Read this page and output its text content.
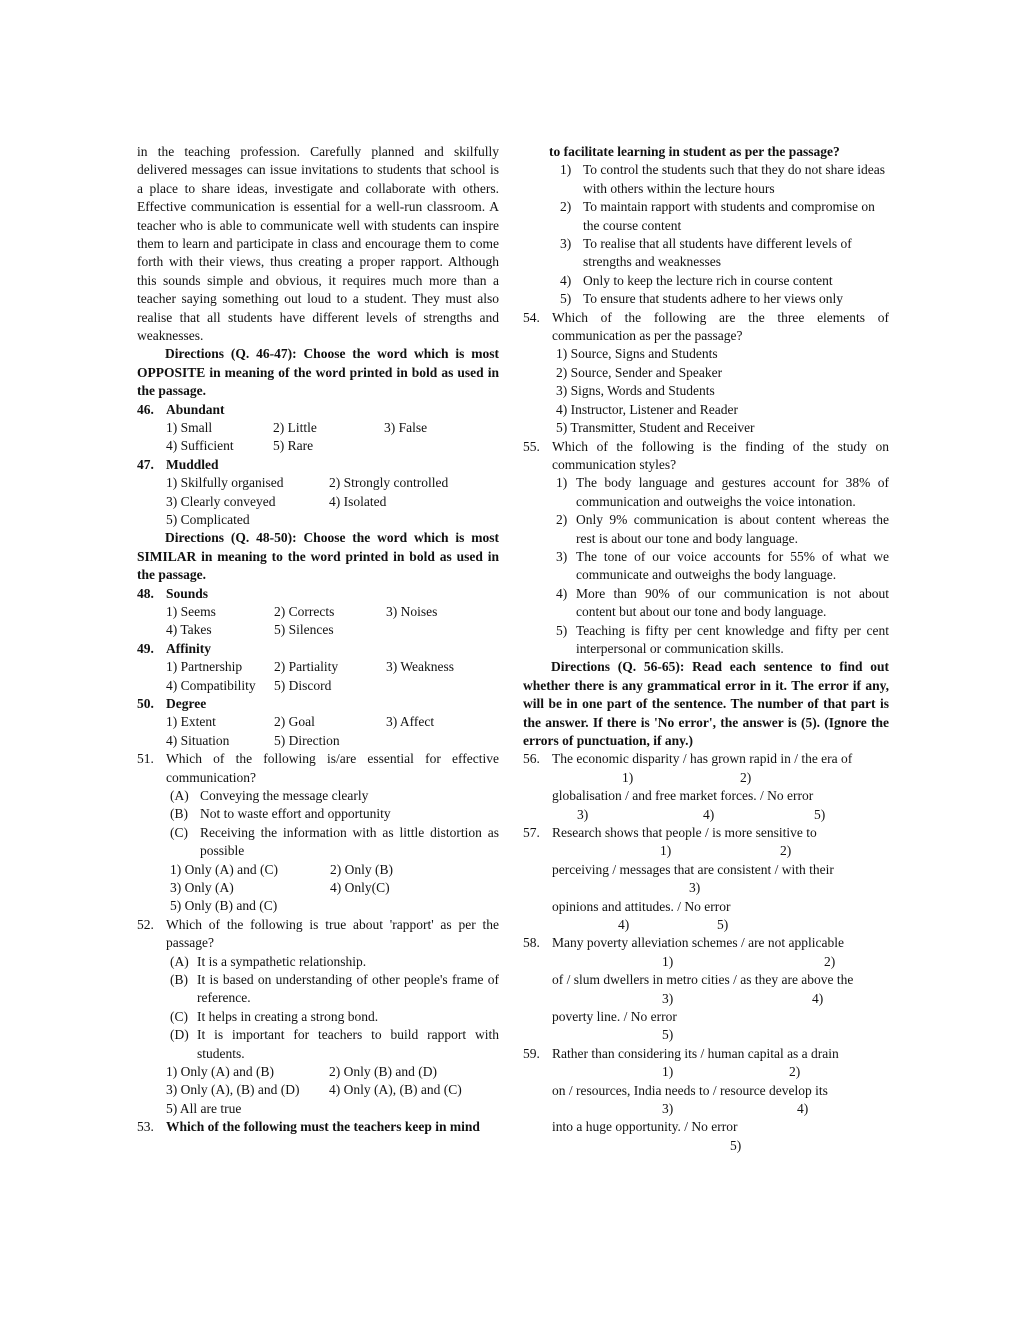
in the teaching profession. Carefully planned and skilfully delivered messages can issue invitations to students that school is a place to share ideas, investigate and collaborate with others. Effective communication is essential for a well-run classroom. A teacher who is able to communicate well with students can inspire them to learn and participate in class and encourage them to come forth with their views, thus creating a proper rapport. Although this sounds simple and obvious, it requires much more than a teacher saying something out loud to a student. They must also realise that all students have different levels of strengths and weaknesses.

Directions (Q. 46-47): Choose the word which is most OPPOSITE in meaning of the word printed in bold as used in the passage.

46. Abundant
1) Small	2) Little	3) False
4) Sufficient	5) Rare
47. Muddled
1) Skilfully organised	2) Strongly controlled
3) Clearly conveyed	4) Isolated
5) Complicated

Directions (Q. 48-50): Choose the word which is most SIMILAR in meaning to the word printed in bold as used in the passage.

48. Sounds
1) Seems	2) Corrects	3) Noises
4) Takes	5) Silences
49. Affinity
1) Partnership 2) Partiality	3) Weakness
4) Compatibility 5) Discord
50. Degree
1) Extent	2) Goal	3) Affect
4) Situation	5) Direction
51. Which of the following is/are essential for effective communication?
(A) Conveying the message clearly
(B) Not to waste effort and opportunity
(C) Receiving the information with as little distortion as possible
1) Only (A) and (C)	2) Only (B)
3) Only (A)	4) Only(C)
5) Only (B) and (C)
52. Which of the following is true about 'rapport' as per the passage?
(A) It is a sympathetic relationship.
(B) It is based on understanding of other people's frame of reference.
(C) It helps in creating a strong bond.
(D) It is important for teachers to build rapport with students.
1) Only (A) and (B)	2) Only (B) and (D)
3) Only (A), (B) and (D) 4) Only (A), (B) and (C)
5) All are true
53. Which of the following must the teachers keep in mind
to facilitate learning in student as per the passage?
1) To control the students such that they do not share ideas with others within the lecture hours
2) To maintain rapport with students and compromise on the course content
3) To realise that all students have different levels of strengths and weaknesses
4) Only to keep the lecture rich in course content
5) To ensure that students adhere to her views only
54. Which of the following are the three elements of communication as per the passage?
1) Source, Signs and Students
2) Source, Sender and Speaker
3) Signs, Words and Students
4) Instructor, Listener and Reader
5) Transmitter, Student and Receiver
55. Which of the following is the finding of the study on communication styles?
1) The body language and gestures account for 38% of communication and outweighs the voice intonation.
2) Only 9% communication is about content whereas the rest is about our tone and body language.
3) The tone of our voice accounts for 55% of what we communicate and outweighs the body language.
4) More than 90% of our communication is not about content but about our tone and body language.
5) Teaching is fifty per cent knowledge and fifty per cent interpersonal or communication skills.

Directions (Q. 56-65): Read each sentence to find out whether there is any grammatical error in it. The error if any, will be in one part of the sentence. The number of that part is the answer. If there is 'No error', the answer is (5). (Ignore the errors of punctuation, if any.)

56. The economic disparity / has grown rapid in / the era of
1)	2)
globalisation / and free market forces. / No error
3)	4)	5)
57. Research shows that people / is more sensitive to
1)	2)
perceiving / messages that are consistent / with their
3)
opinions and attitudes. / No error
4)	5)
58. Many poverty alleviation schemes / are not applicable
1)	2)
of / slum dwellers in metro cities / as they are above the
3)	4)
poverty line. / No error
5)
59. Rather than considering its / human capital as a drain
1)	2)
on / resources, India needs to / resource develop its
3)	4)
into a huge opportunity. / No error
5)
